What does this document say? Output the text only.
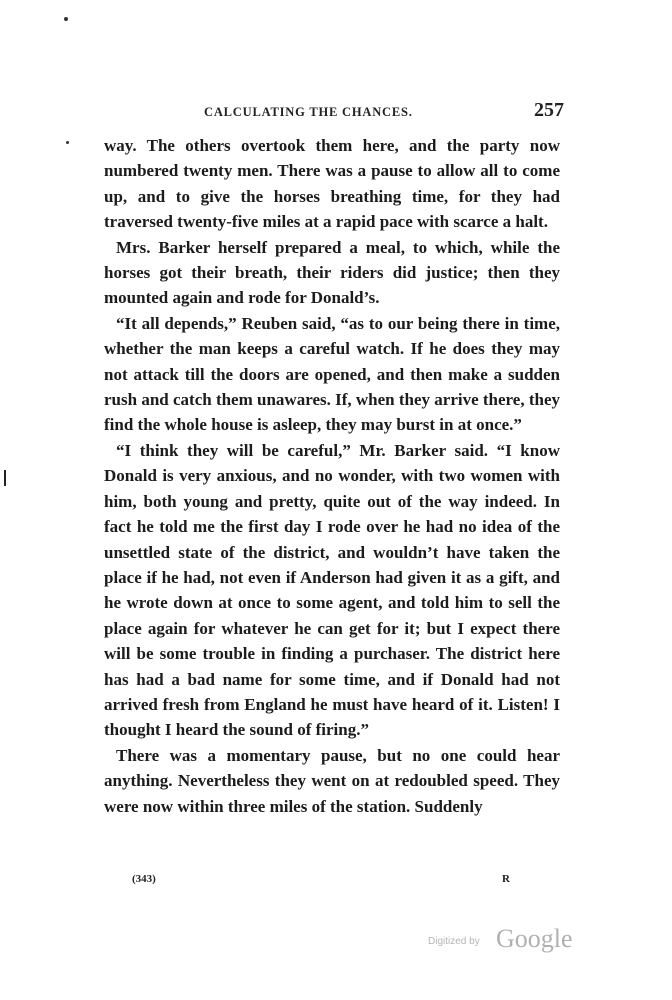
CALCULATING THE CHANCES.	257

way. The others overtook them here, and the party now numbered twenty men. There was a pause to allow all to come up, and to give the horses breathing time, for they had traversed twenty-five miles at a rapid pace with scarce a halt.

Mrs. Barker herself prepared a meal, to which, while the horses got their breath, their riders did justice; then they mounted again and rode for Donald’s.

“It all depends,” Reuben said, “as to our being there in time, whether the man keeps a careful watch. If he does they may not attack till the doors are opened, and then make a sudden rush and catch them unawares. If, when they arrive there, they find the whole house is asleep, they may burst in at once.”

“I think they will be careful,” Mr. Barker said. “I know Donald is very anxious, and no wonder, with two women with him, both young and pretty, quite out of the way indeed. In fact he told me the first day I rode over he had no idea of the unsettled state of the district, and wouldn’t have taken the place if he had, not even if Anderson had given it as a gift, and he wrote down at once to some agent, and told him to sell the place again for whatever he can get for it; but I expect there will be some trouble in finding a purchaser. The district here has had a bad name for some time, and if Donald had not arrived fresh from England he must have heard of it. Listen! I thought I heard the sound of firing.”

There was a momentary pause, but no one could hear anything. Nevertheless they went on at redoubled speed. They were now within three miles of the station. Suddenly

(343)	R
Digitized by Google
